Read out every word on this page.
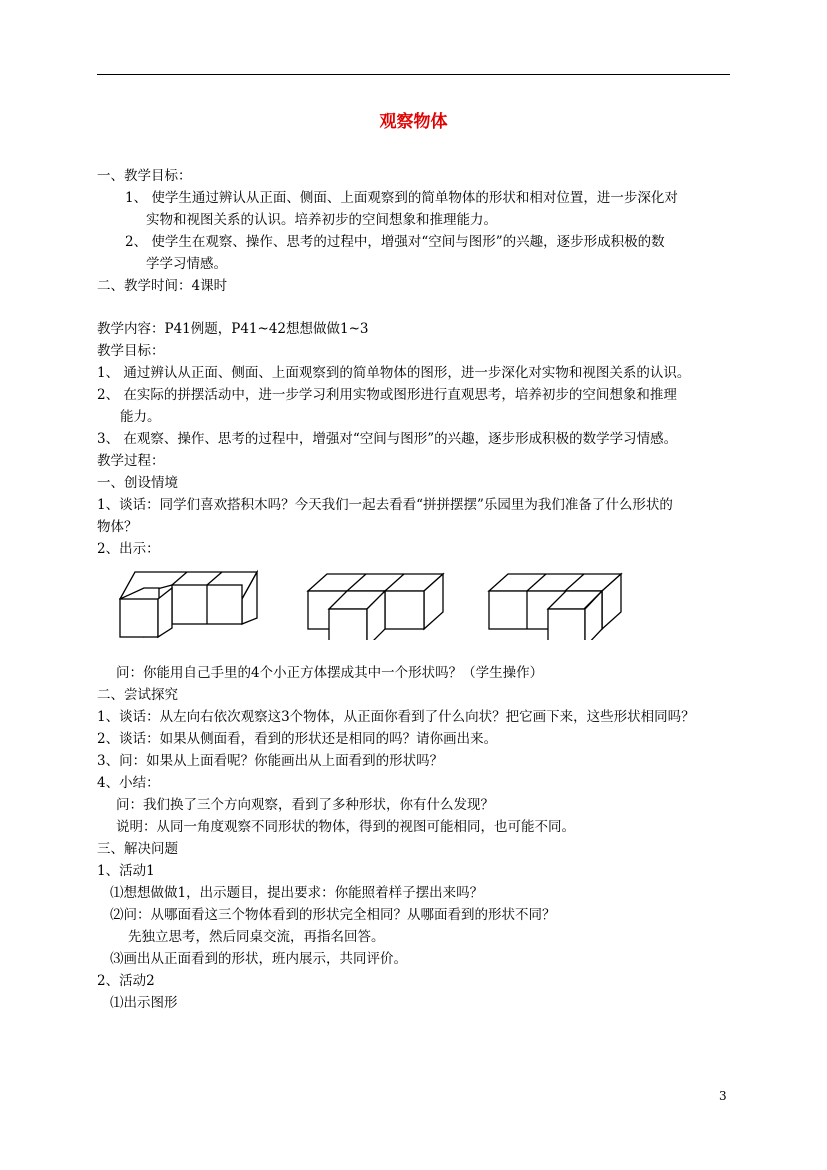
观察物体
一、教学目标：
1、 使学生通过辨认从正面、侧面、上面观察到的简单物体的形状和相对位置，进一步深化对
实物和视图关系的认识。培养初步的空间想象和推理能力。
2、 使学生在观察、操作、思考的过程中，增强对“空间与图形”的兴趣，逐步形成积极的数
学学习情感。
二、教学时间：4课时
教学内容：P41例题，P41~42想想做做1~3
教学目标：
1、 通过辨认从正面、侧面、上面观察到的简单物体的图形，进一步深化对实物和视图关系的认识。
2、 在实际的拼摆活动中，进一步学习利用实物或图形进行直观思考，培养初步的空间想象和推理
能力。
3、 在观察、操作、思考的过程中，增强对“空间与图形”的兴趣，逐步形成积极的数学学习情感。
教学过程：
一、创设情境
1、谈话：同学们喜欢搭积木吗？今天我们一起去看看“拼拼摆摆”乐园里为我们准备了什么形状的
物体？
2、出示：
问：你能用自己手里的4个小正方体摆成其中一个形状吗？（学生操作）
二、尝试探究
1、谈话：从左向右依次观察这3个物体，从正面你看到了什么向状？把它画下来，这些形状相同吗？
2、谈话：如果从侧面看，看到的形状还是相同的吗？请你画出来。
3、问：如果从上面看呢？你能画出从上面看到的形状吗？
4、小结：
问：我们换了三个方向观察，看到了多种形状，你有什么发现？
说明：从同一角度观察不同形状的物体，得到的视图可能相同，也可能不同。
三、解决问题
1、活动1
⑴想想做做1，出示题目，提出要求：你能照着样子摆出来吗？
⑵问：从哪面看这三个物体看到的形状完全相同？从哪面看到的形状不同？
先独立思考，然后同桌交流，再指名回答。
⑶画出从正面看到的形状，班内展示，共同评价。
2、活动2
⑴出示图形
3
